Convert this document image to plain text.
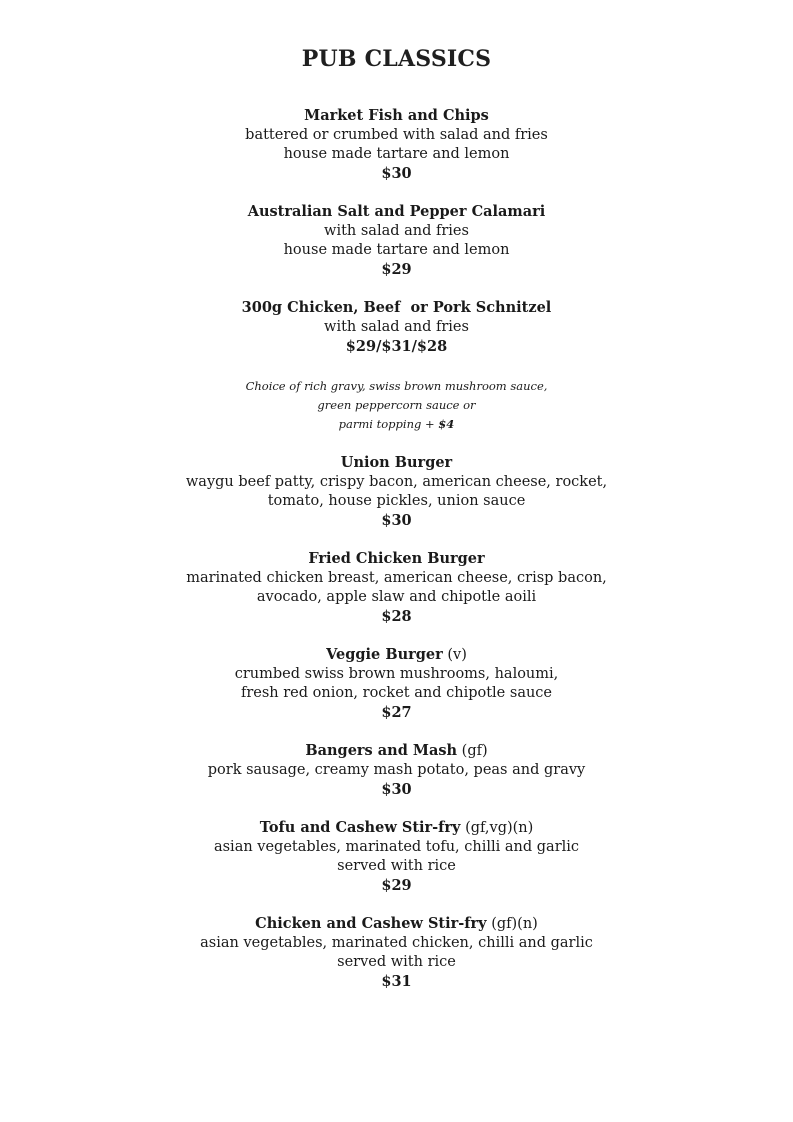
PUB CLASSICS
Market Fish and Chips
battered or crumbed with salad and fries
house made tartare and lemon
$30
Australian Salt and Pepper Calamari
with salad and fries
house made tartare and lemon
$29
300g Chicken, Beef  or Pork Schnitzel
with salad and fries
$29/$31/$28
Choice of rich gravy, swiss brown mushroom sauce,
green peppercorn sauce or
parmi topping + $4
Union Burger
waygu beef patty, crispy bacon, american cheese, rocket,
tomato, house pickles, union sauce
$30
Fried Chicken Burger
marinated chicken breast, american cheese, crisp bacon,
avocado, apple slaw and chipotle aoili
$28
Veggie Burger (v)
crumbed swiss brown mushrooms, haloumi,
fresh red onion, rocket and chipotle sauce
$27
Bangers and Mash (gf)
pork sausage, creamy mash potato, peas and gravy
$30
Tofu and Cashew Stir-fry (gf,vg)(n)
asian vegetables, marinated tofu, chilli and garlic
served with rice
$29
Chicken and Cashew Stir-fry (gf)(n)
asian vegetables, marinated chicken, chilli and garlic
served with rice
$31
